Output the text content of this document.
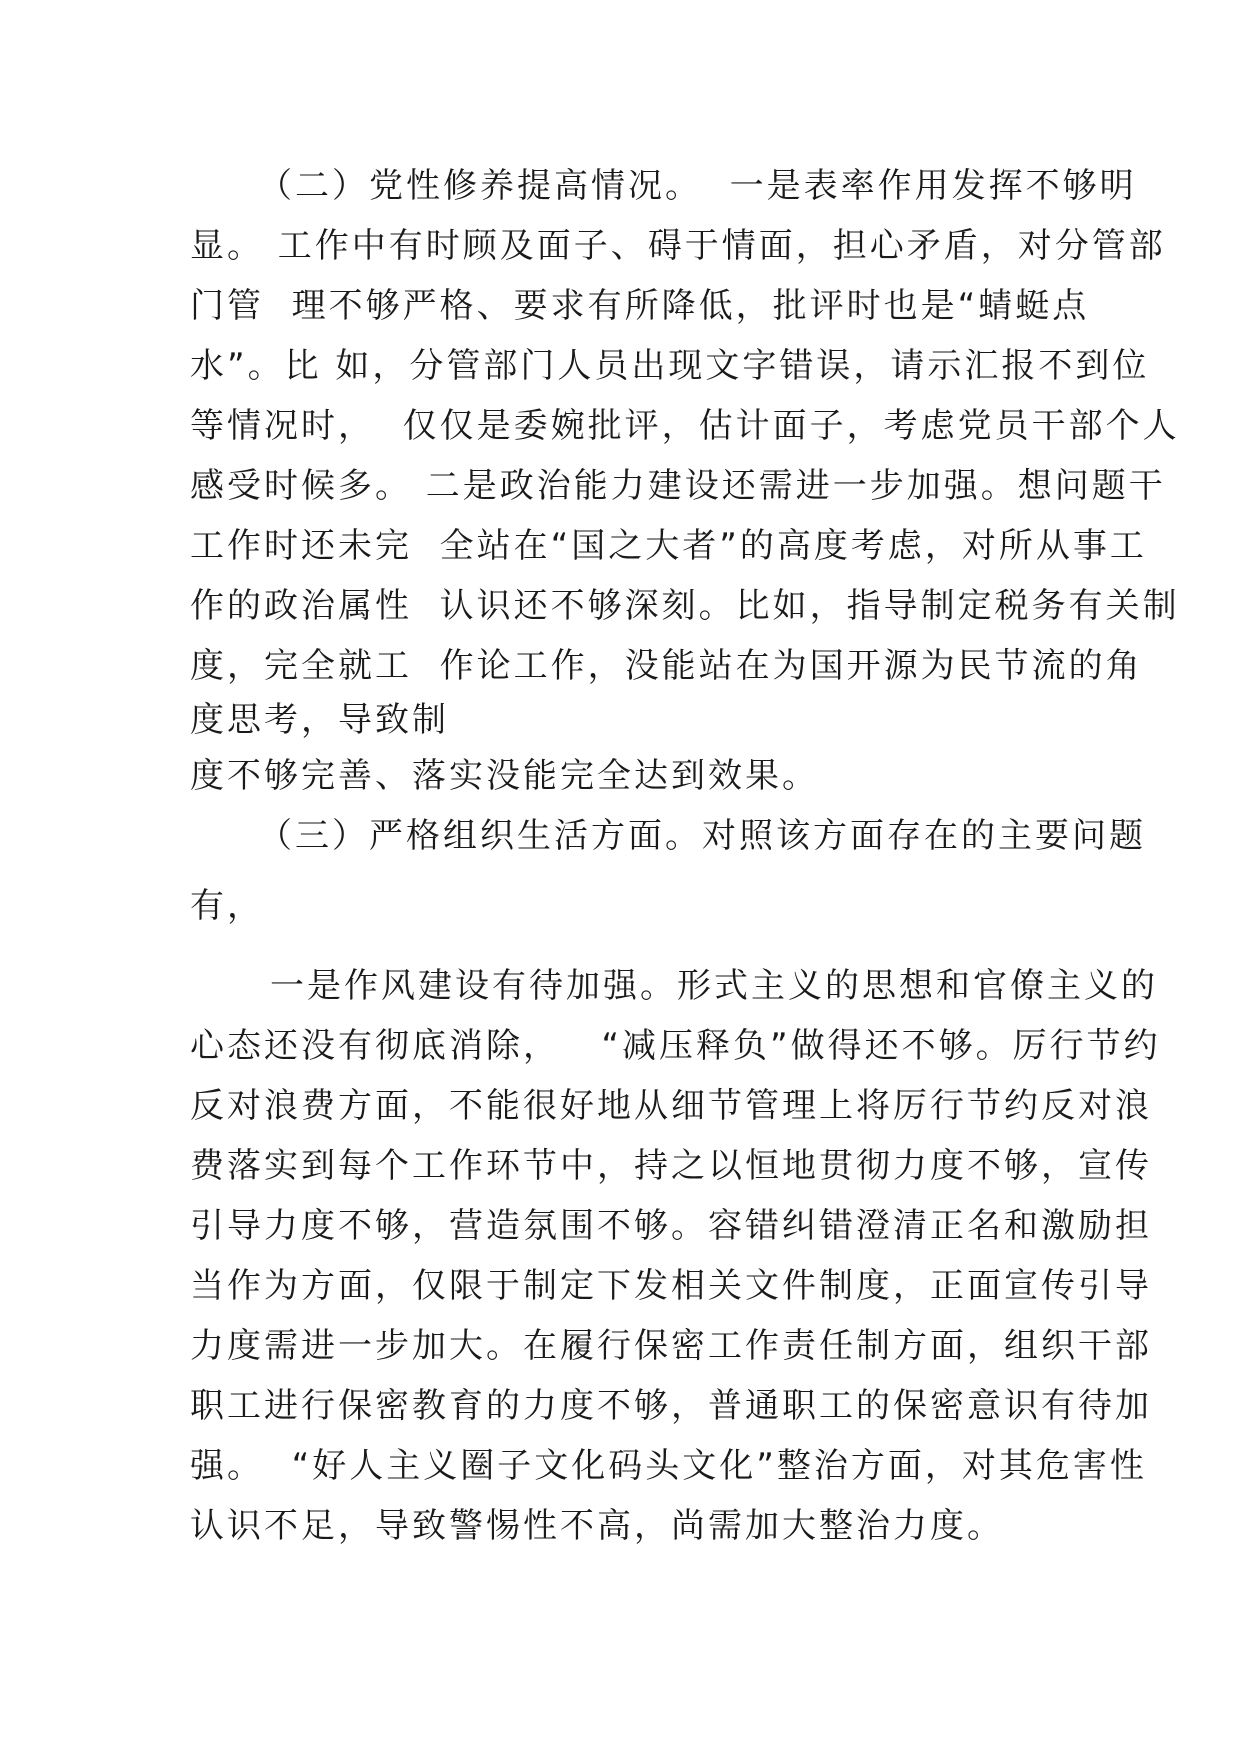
（二）党性修养提高情况。  一是表率作用发挥不够明
显。 工作中有时顾及面子、碍于情面，担心矛盾，对分管部
门管  理不够严格、要求有所降低，批评时也是“蜻蜓点
水”。比 如，分管部门人员出现文字错误，请示汇报不到位
等情况时，  仅仅是委婉批评，估计面子，考虑党员干部个人
感受时候多。 二是政治能力建设还需进一步加强。想问题干
工作时还未完  全站在“国之大者”的高度考虑，对所从事工
作的政治属性  认识还不够深刻。比如，指导制定税务有关制
度，完全就工  作论工作，没能站在为国开源为民节流的角
度思考，导致制
度不够完善、落实没能完全达到效果。
（三）严格组织生活方面。对照该方面存在的主要问题
有，
一是作风建设有待加强。形式主义的思想和官僚主义的
心态还没有彻底消除，   “减压释负”做得还不够。厉行节约
反对浪费方面，不能很好地从细节管理上将厉行节约反对浪
费落实到每个工作环节中，持之以恒地贯彻力度不够，宣传
引导力度不够，营造氛围不够。容错纠错澄清正名和激励担
当作为方面，仅限于制定下发相关文件制度，正面宣传引导
力度需进一步加大。在履行保密工作责任制方面，组织干部
职工进行保密教育的力度不够，普通职工的保密意识有待加
强。  “好人主义圈子文化码头文化”整治方面，对其危害性
认识不足，导致警惕性不高，尚需加大整治力度。
